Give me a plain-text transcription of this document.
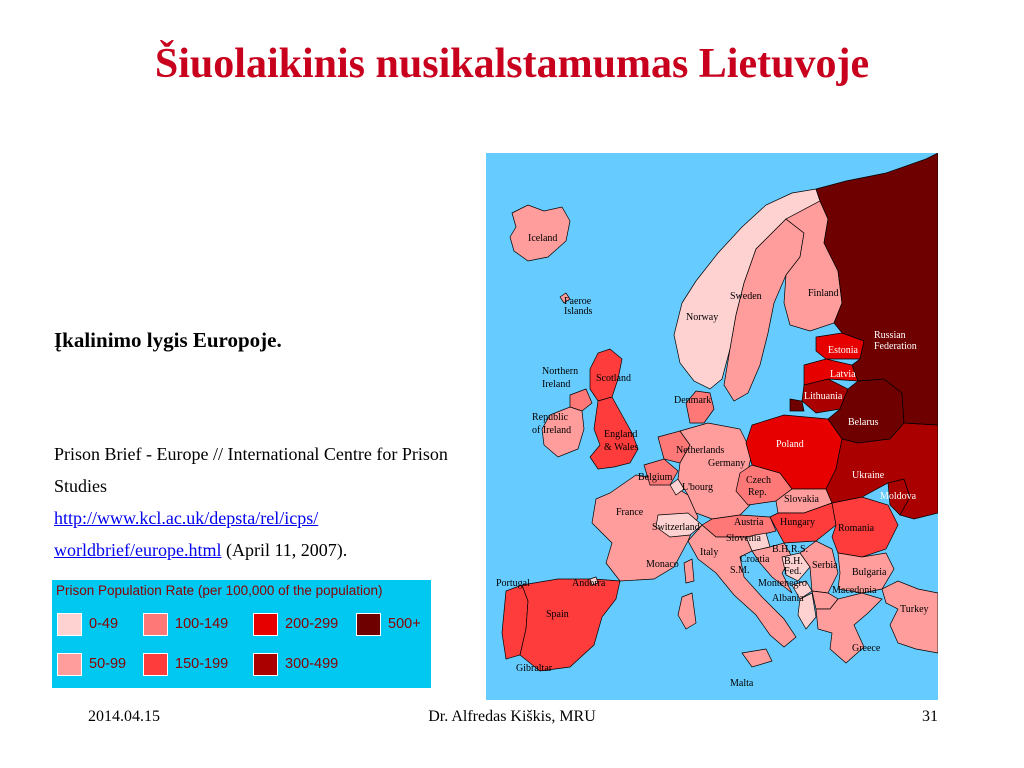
Šiuolaikinis nusikalstamumas Lietuvoje
Įkalinimo lygis Europoje.
Prison Brief - Europe // International Centre for Prison Studies
http://www.kcl.ac.uk/depsta/rel/icps/
worldbrief/europe.html (April 11, 2007).
Prison Population Rate (per 100,000 of the population)
0-49
50-99
100-149
150-199
200-299
300-499
500+
Iceland
Faeroe
Islands
Norway
Sweden	Finland
Russian
Federation
Estonia
Latvia
Lithuania
Belarus
Northern
Ireland
Scotland
Denmark
Republic
of Ireland	England
& Wales	Netherlands
Germany
Poland
Ukraine
Belgium
L'bourg
Czech
Rep.
Slovakia	Moldova
France
Switzerland	Austria Hungary
Romania
Slovenia
Croatia
Italy	B.H.R.S.
B.H.
Fed.
Serbia
Monaco
S.M.
Montenegro
Bulgaria
Macedonia
Albania
Portugal	Andorra
Spain	Turkey
Greece
Gibraltar
Malta
2014.04.15	Dr. Alfredas Kiškis, MRU	31
